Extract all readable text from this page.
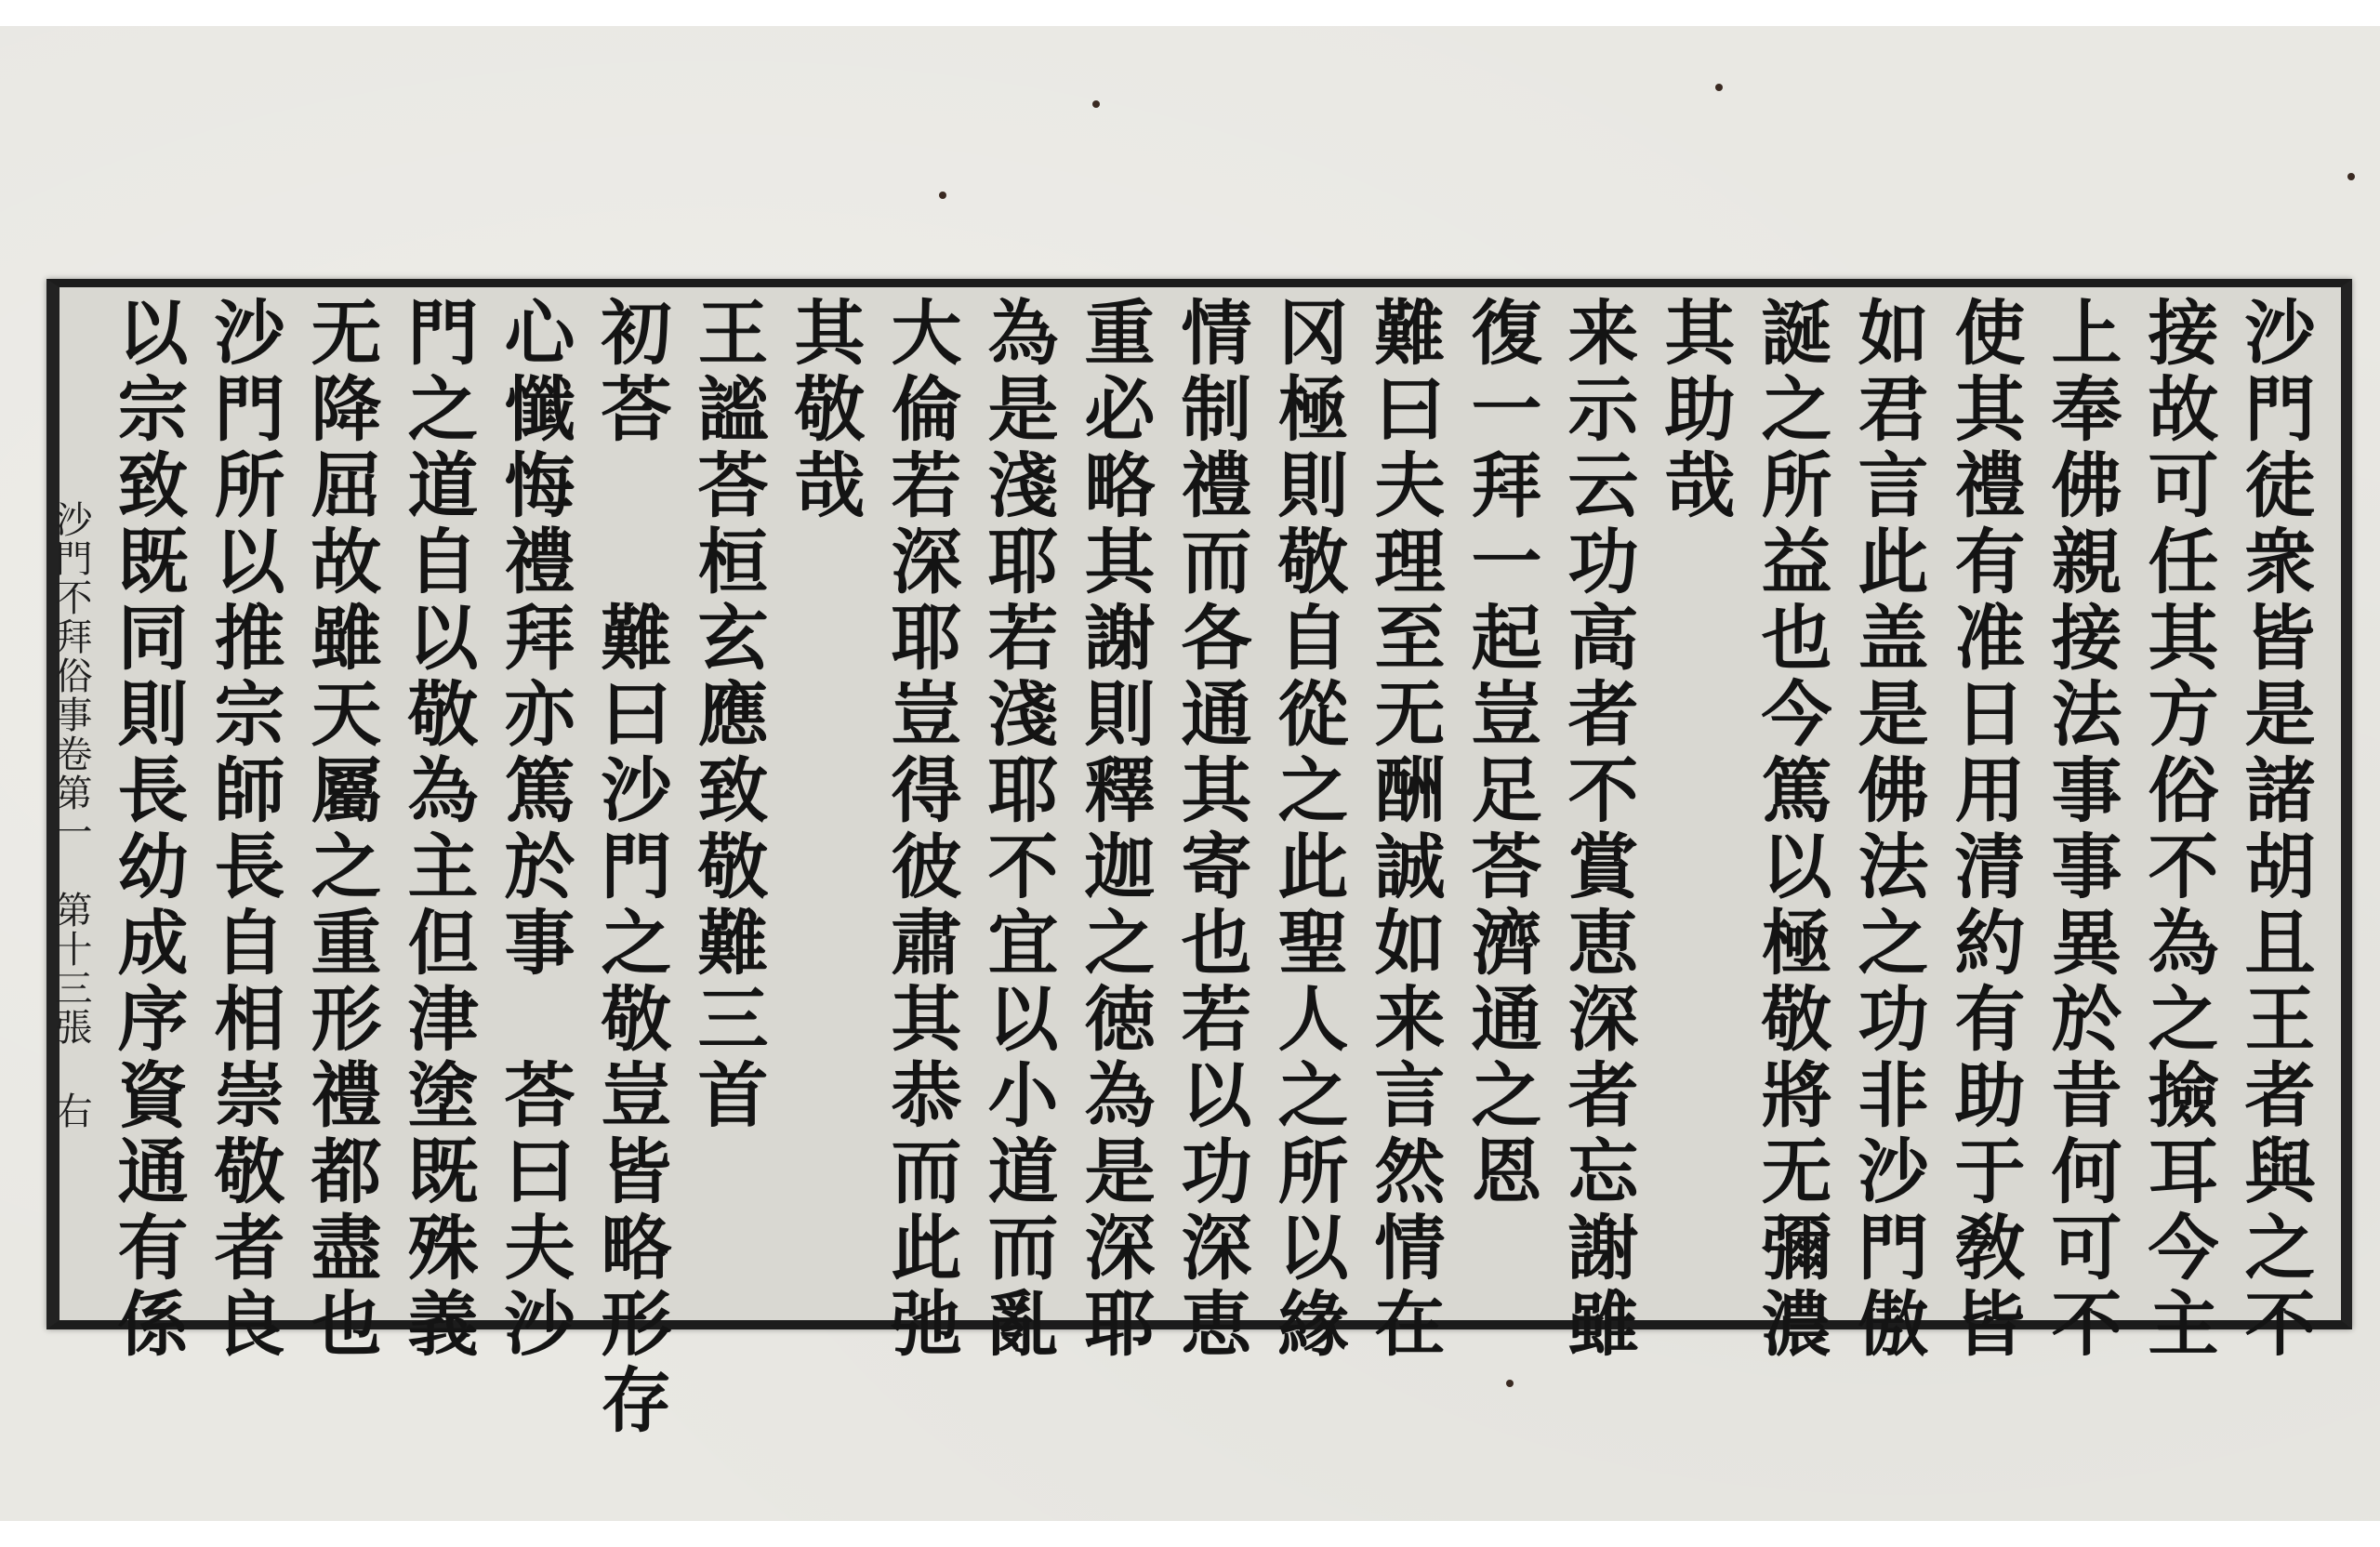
沙門徒衆皆是諸胡且王者與之不
接故可任其方俗不為之撿耳今主
上奉佛親接法事事異於昔何可不
使其禮有准日用清約有助于敎皆
如君言此盖是佛法之功非沙門傲
誕之所益也今篤以極敬將无彌濃
其助哉
来示云功高者不賞恵深者忘謝雖
復一拜一起豈足荅濟通之恩
難曰夫理至无酬誠如来言然情在
冈極則敬自從之此聖人之所以緣
情制禮而各通其寄也若以功深恵
重必略其謝則釋迦之徳為是深耶
為是淺耶若淺耶不宜以小道而亂
大倫若深耶豈得彼肅其恭而此弛
其敬哉
王謐荅桓玄應致敬難三首
初荅　　難曰沙門之敬豈皆略形存
心懺悔禮拜亦篤於事　荅曰夫沙
門之道自以敬為主但津塗既殊義
无降屈故雖天屬之重形禮都盡也
沙門所以推宗師長自相崇敬者良
以宗致既同則長幼成序資通有係
沙門不拜俗事卷第一　第十三張 右
